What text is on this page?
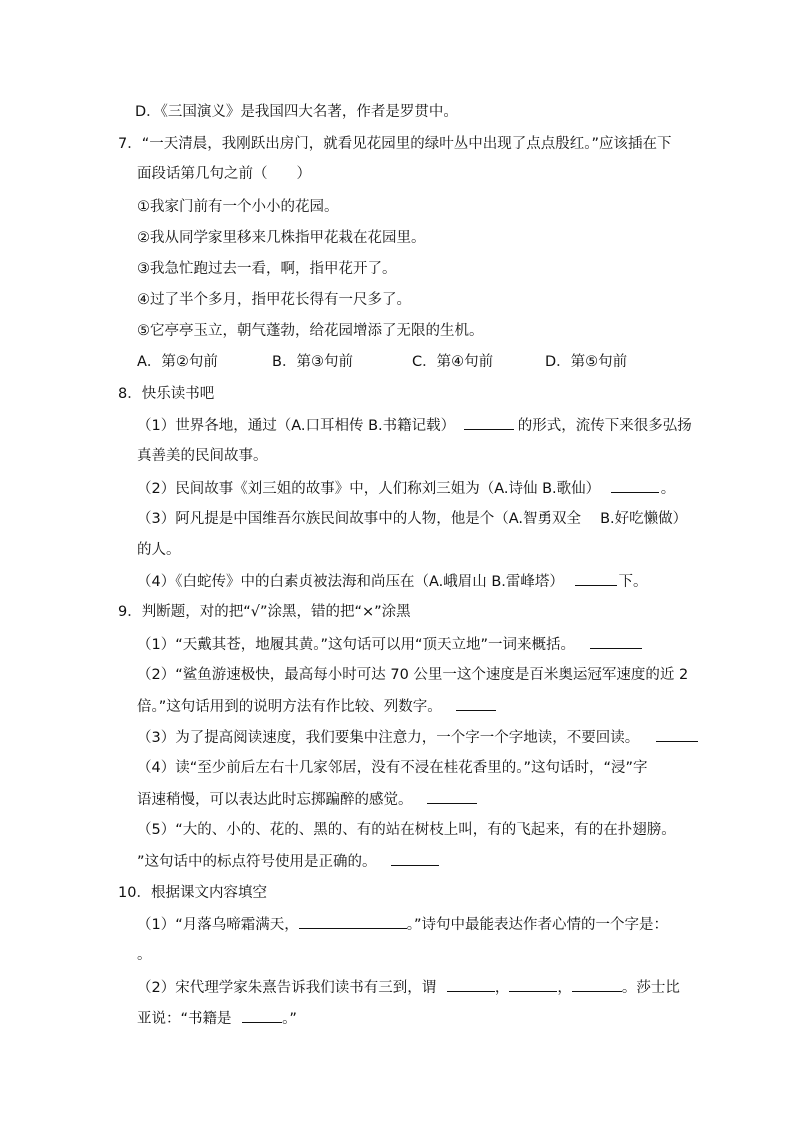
D．《三国演义》是我国四大名著，作者是罗贯中。
7．“一天清晨，我刚跃出房门，就看见花园里的绿叶丛中出现了点点殷红。”应该插在下
面段话第几句之前（　　）
①我家门前有一个小小的花园。
②我从同学家里移来几株指甲花栽在花园里。
③我急忙跑过去一看，啊，指甲花开了。
④过了半个多月，指甲花长得有一尺多了。
⑤它亭亭玉立，朝气蓬勃，给花园增添了无限的生机。
A．第②句前	B．第③句前	C．第④句前	D．第⑤句前
8．快乐读书吧
（1）世界各地，通过（A.口耳相传 B.书籍记载）	的形式，流传下来很多弘扬
真善美的民间故事。
（2）民间故事《刘三姐的故事》中，人们称刘三姐为（A.诗仙 B.歌仙）	。
（3）阿凡提是中国维吾尔族民间故事中的人物，他是个（A.智勇双全　 B.好吃懒做）
的人。
（4）《白蛇传》中的白素贞被法海和尚压在（A.峨眉山 B.雷峰塔）	下。
9．判断题，对的把“√”涂黑，错的把“×”涂黑
（1）“天戴其苍，地履其黄。”这句话可以用“顶天立地”一词来概括。
（2）“鲨鱼游速极快，最高每小时可达 70 公里一这个速度是百米奥运冠军速度的近 2
倍。”这句话用到的说明方法有作比较、列数字。
（3）为了提高阅读速度，我们要集中注意力，一个字一个字地读，不要回读。
（4）读“至少前后左右十几家邻居，没有不浸在桂花香里的。”这句话时，“浸”字
语速稍慢，可以表达此时忘掷蹁醉的感觉。
（5）“大的、小的、花的、黑的、有的站在树枝上叫，有的飞起来，有的在扑翅膀。
”这句话中的标点符号使用是正确的。
10．根据课文内容填空
（1）“月落乌啼霜满天，	。”诗句中最能表达作者心情的一个字是：
。
（2）宋代理学家朱熹告诉我们读书有三到，谓	，	，	。莎士比
亚说：“书籍是	。”
